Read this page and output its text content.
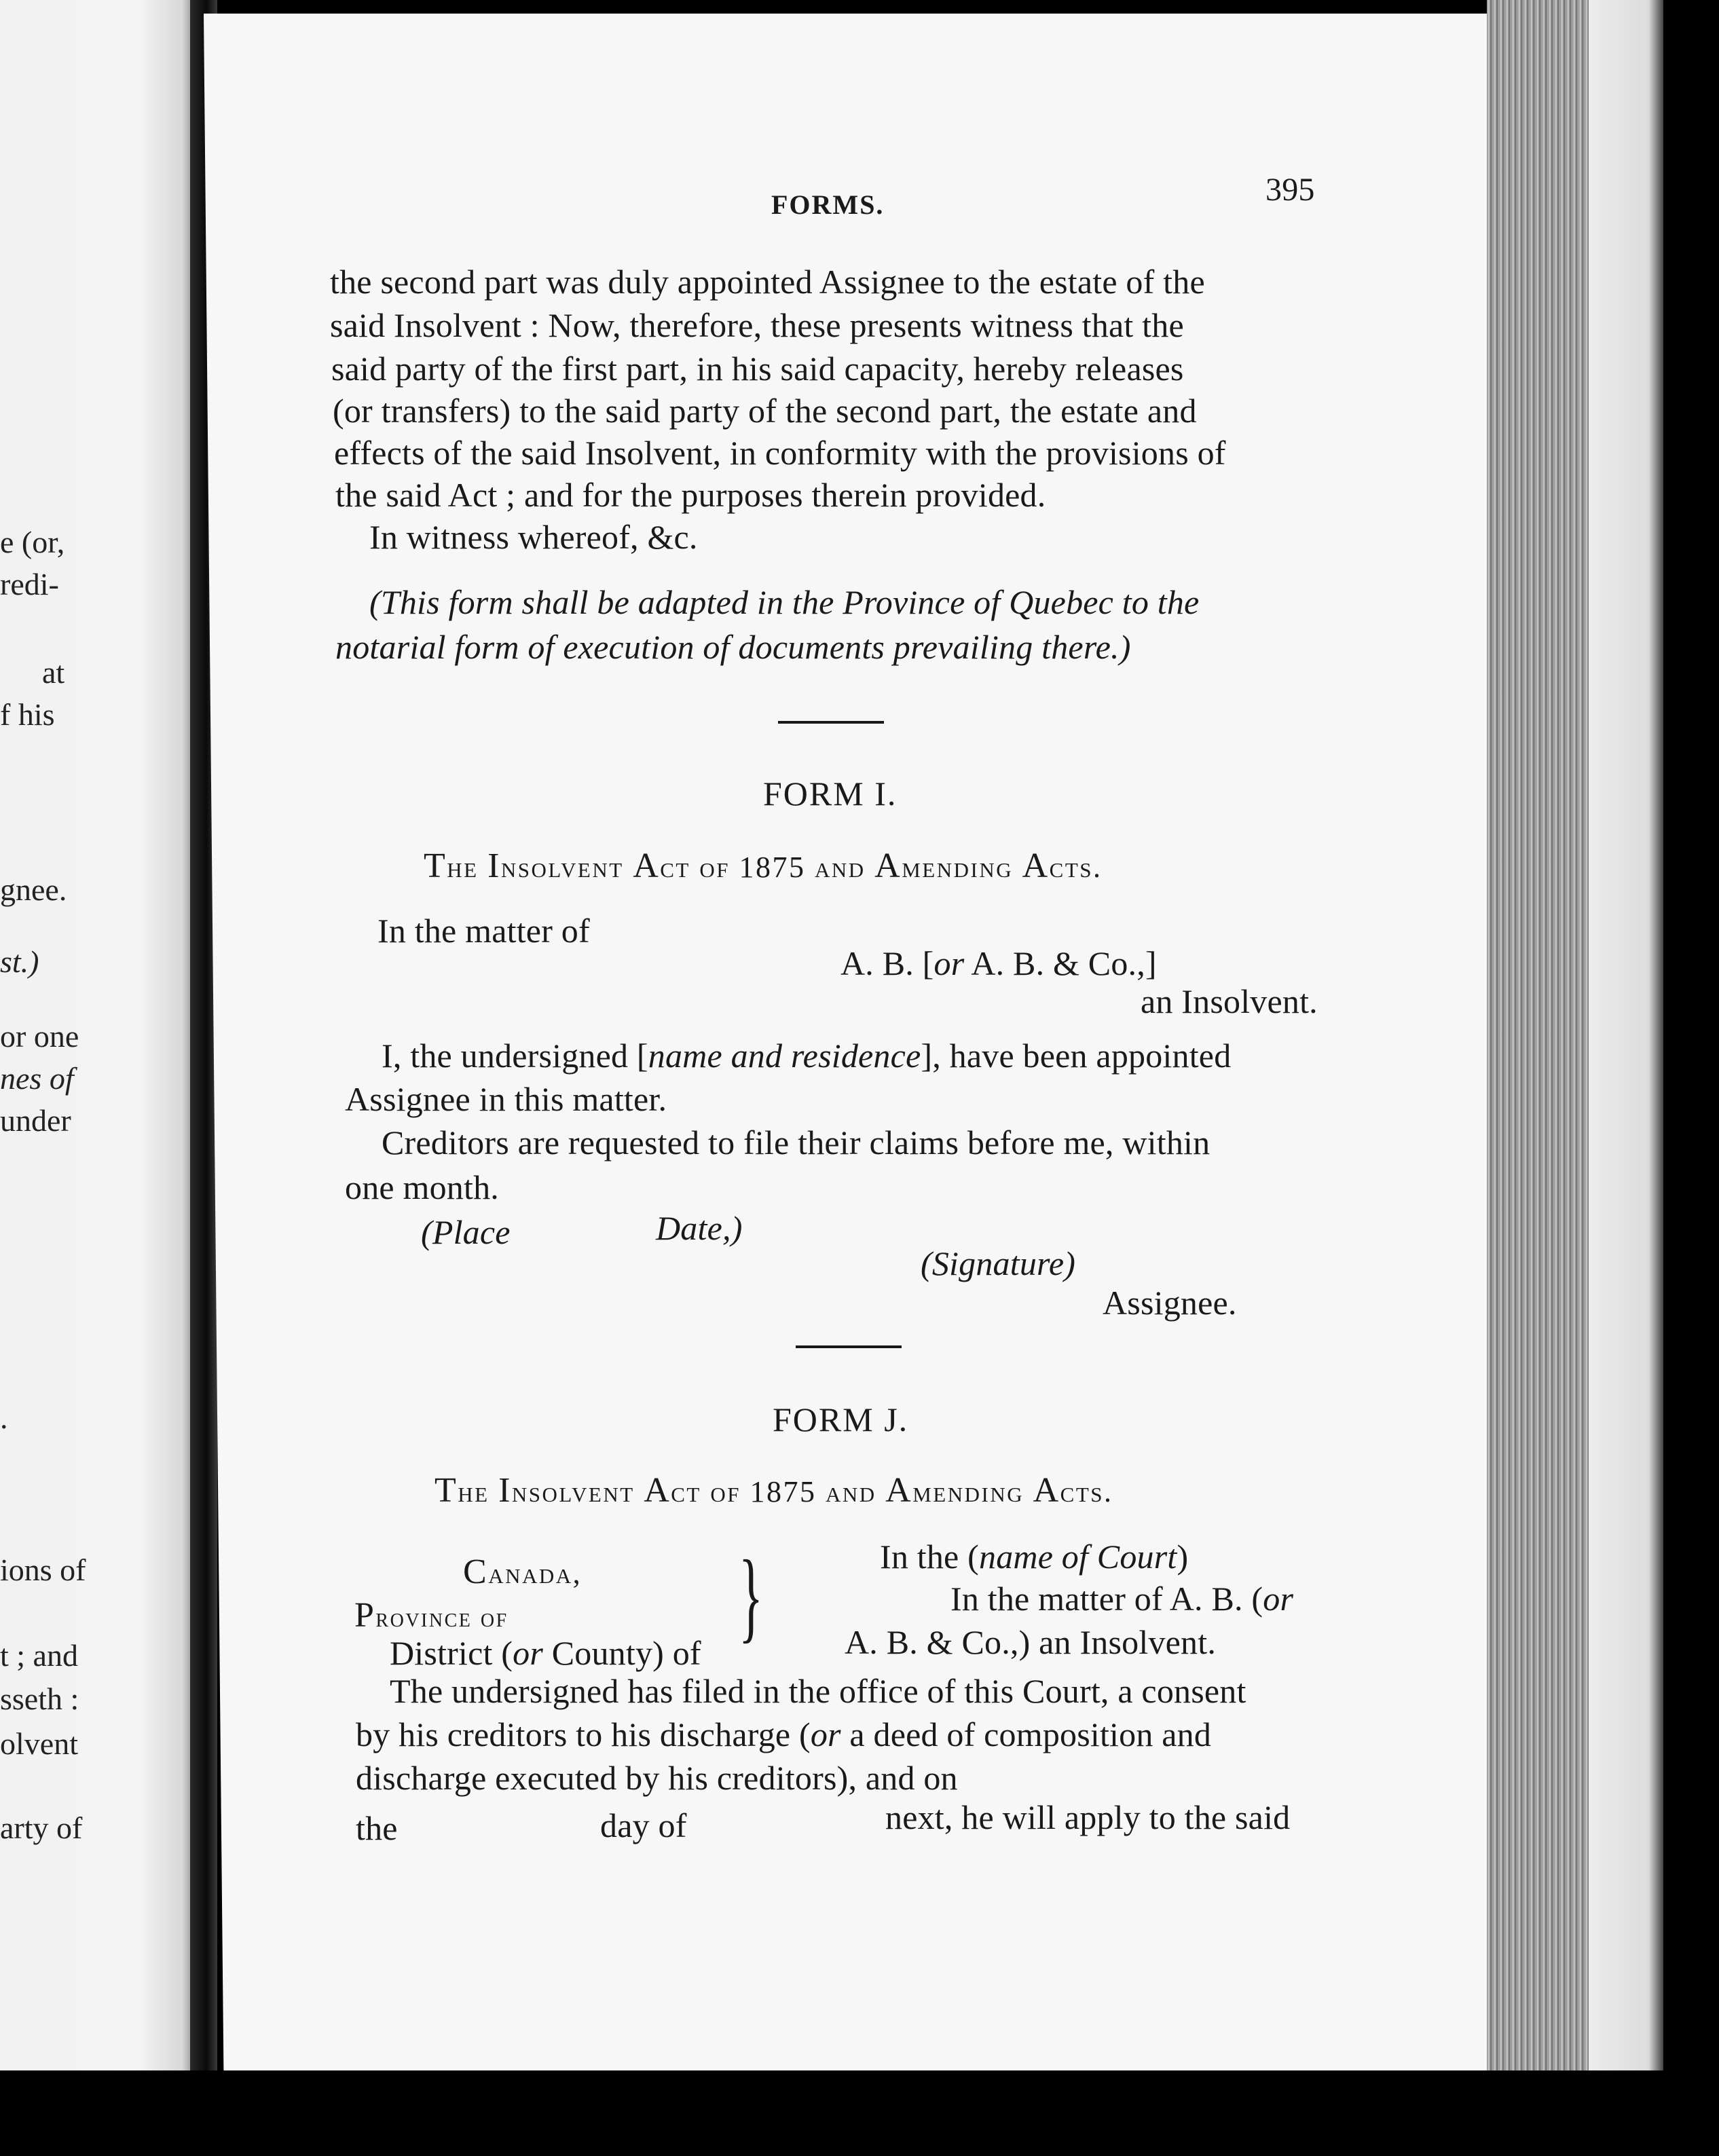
e (or,
redi-
at
f his
gnee.
st.)
or one
nes of
under
.
ions of
t ; and
sseth :
olvent
arty of
FORMS.	395
the second part was duly appointed Assignee to the estate of the
said Insolvent : Now, therefore, these presents witness that the
said party of the first part, in his said capacity, hereby releases
(or transfers) to the said party of the second part, the estate and
effects of the said Insolvent, in conformity with the provisions of
the said Act ; and for the purposes therein provided.
In witness whereof, &c.
(This form shall be adapted in the Province of Quebec to the
notarial form of execution of documents prevailing there.)
FORM I.
The Insolvent Act of 1875 and Amending Acts.
In the matter of
A. B. [or A. B. & Co.,]
an Insolvent.
I, the undersigned [name and residence], have been appointed
Assignee in this matter.
Creditors are requested to file their claims before me, within
one month.
(Place	Date,)
(Signature)
Assignee.
FORM J.
The Insolvent Act of 1875 and Amending Acts.
Canada,
Province of
District (or County) of
}	In the (name of Court)
In the matter of A. B. (or
A. B. & Co.,) an Insolvent.
The undersigned has filed in the office of this Court, a consent
by his creditors to his discharge (or a deed of composition and
discharge executed by his creditors), and on
the	day of	next, he will apply to the said
